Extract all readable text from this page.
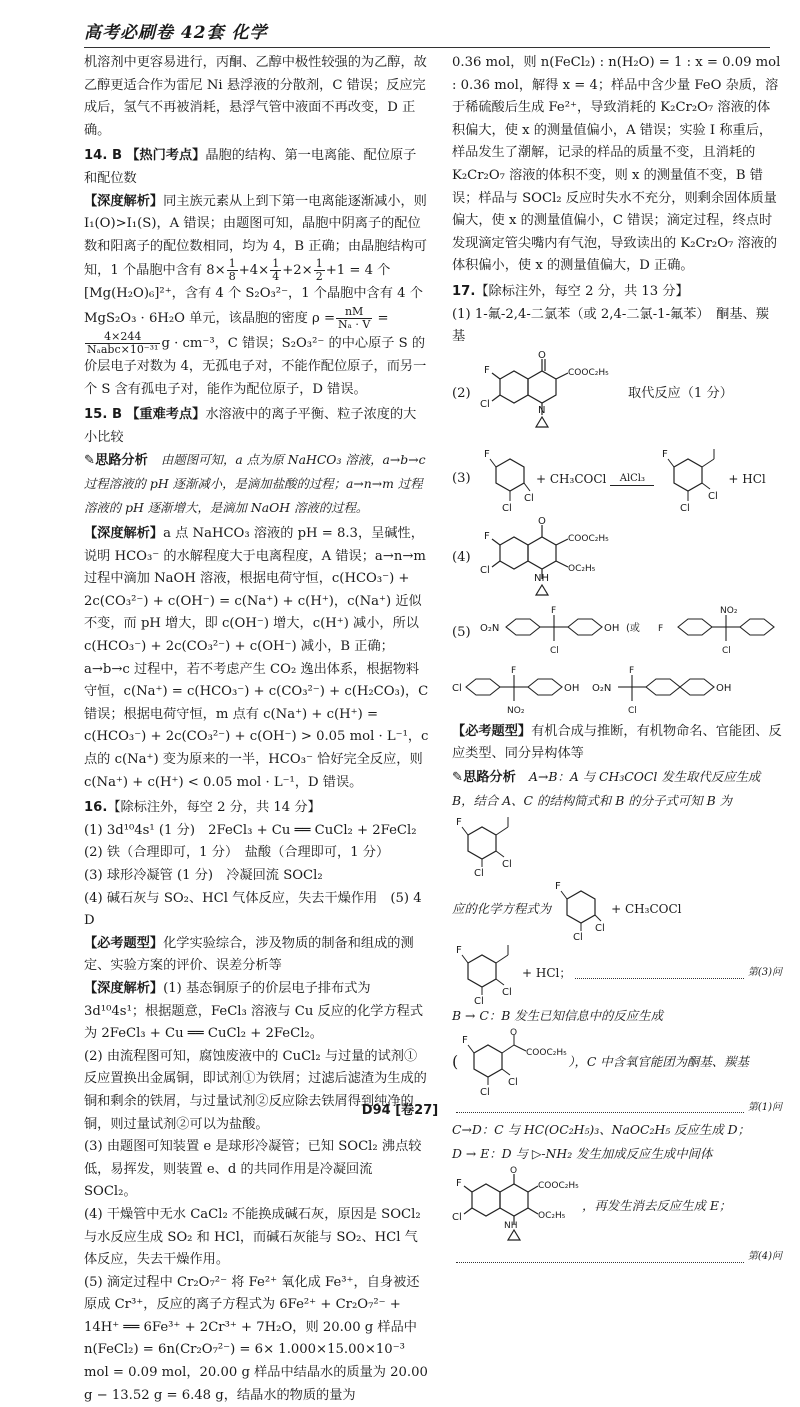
高考必刷卷 42套 化学

机溶剂中更容易进行，丙酮、乙醇中极性较强的为乙醇，故乙醇更适合作为雷尼 Ni 悬浮液的分散剂，C 错误；反应完成后，氢气不再被消耗，悬浮气管中液面不再改变，D 正确。

14. B 【热门考点】晶胞的结构、第一电离能、配位原子和配位数

【深度解析】同主族元素从上到下第一电离能逐渐减小，则 I₁(O)>I₁(S)，A 错误；由题图可知，晶胞中阴离子的配位数和阳离子的配位数相同，均为 4，B 正确；由晶胞结构可知，1 个晶胞中含有 $8\times \frac{1}{8} +4\times \frac{1}{4} +2\times \frac{1}{2} +1 = 4$ 个

[Mg(H₂O)₆]²⁺，含有 4 个 S₂O₃²⁻，1 个晶胞中含有 4 个

MgS₂O₃ · 6H₂O 单元，该晶胞的密度 $\rho = \frac{nM}{\text{Nₐ · V}}$ =

$\frac{4\times 244}{\text{Nₐabc×10⁻³¹}}$ g · cm⁻³，C 错误；S₂O₃²⁻ 的中心原子 S 的价层电子对数为 4，无孤电子对，不能作配位原子，而另一个 S 含有孤电子对，能作为配位原子，D 错误。

15. B 【重难考点】水溶液中的离子平衡、粒子浓度的大小比较

✎思路分析　 由题图可知，a 点为原 NaHCO₃ 溶液，a→b→c 过程溶液的 pH 逐渐减小，是滴加盐酸的过程；a→n→m 过程溶液的 pH 逐渐增大，是滴加 NaOH 溶液的过程。

【深度解析】a 点 NaHCO₃ 溶液的 pH = 8.3，呈碱性，说明 HCO₃⁻ 的水解程度大于电离程度，A 错误；a→n→m 过程中滴加 NaOH 溶液，根据电荷守恒，c(HCO₃⁻) + 2c(CO₃²⁻) + c(OH⁻) = c(Na⁺) + c(H⁺)，c(Na⁺) 近似不变，而 pH 增大，即 c(OH⁻) 增大，c(H⁺) 减小，所以 c(HCO₃⁻) + 2c(CO₃²⁻) + c(OH⁻) 减小，B 正确；a→b→c 过程中，若不考虑产生 CO₂ 逸出体系，根据物料守恒，c(Na⁺) = c(HCO₃⁻) + c(CO₃²⁻) + c(H₂CO₃)，C 错误；根据电荷守恒，m 点有 c(Na⁺) + c(H⁺) = c(HCO₃⁻) + 2c(CO₃²⁻) + c(OH⁻) > 0.05 mol · L⁻¹，c 点的 c(Na⁺) 变为原来的一半，HCO₃⁻ 恰好完全反应，则 c(Na⁺) + c(H⁺) < 0.05 mol · L⁻¹，D 错误。

16.【除标注外，每空 2 分，共 14 分】

(1) 3d¹⁰4s¹ (1 分)　2FeCl₃ + Cu ══ CuCl₂ + 2FeCl₂

(2) 铁（合理即可，1 分）　盐酸（合理即可，1 分）

(3) 球形冷凝管 (1 分)　冷凝回流 SOCl₂

(4) 碱石灰与 SO₂、HCl 气体反应，失去干燥作用　(5) 4　D

【必考题型】化学实验综合，涉及物质的制备和组成的测定、实验方案的评价、误差分析等

【深度解析】(1) 基态铜原子的价层电子排布式为 3d¹⁰4s¹；根据题意，FeCl₃ 溶液与 Cu 反应的化学方程式为 2FeCl₃ + Cu ══ CuCl₂ + 2FeCl₂。

(2) 由流程图可知，腐蚀废液中的 CuCl₂ 与过量的试剂①反应置换出金属铜，即试剂①为铁屑；过滤后滤渣为生成的铜和剩余的铁屑，与过量试剂②反应除去铁屑得到纯净的铜，则过量试剂②可以为盐酸。

(3) 由题图可知装置 e 是球形冷凝管；已知 SOCl₂ 沸点较低，易挥发，则装置 e、d 的共同作用是冷凝回流 SOCl₂。

(4) 干燥管中无水 CaCl₂ 不能换成碱石灰，原因是 SOCl₂ 与水反应生成 SO₂ 和 HCl，而碱石灰能与 SO₂、HCl 气体反应，失去干燥作用。

(5) 滴定过程中 Cr₂O₇²⁻ 将 Fe²⁺ 氧化成 Fe³⁺，自身被还原成 Cr³⁺，反应的离子方程式为 6Fe²⁺ + Cr₂O₇²⁻ + 14H⁺ ══ 6Fe³⁺ + 2Cr³⁺ + 7H₂O，则 20.00 g 样品中 n(FeCl₂) = 6n(Cr₂O₇²⁻) = 6× 1.000×15.00×10⁻³ mol = 0.09 mol，20.00 g 样品中结晶水的质量为 20.00 g − 13.52 g = 6.48 g，结晶水的物质的量为

0.36 mol，则 n(FeCl₂) : n(H₂O) = 1 : x = 0.09 mol : 0.36 mol，解得 x = 4；样品中含少量 FeO 杂质，溶于稀硫酸后生成 Fe²⁺，导致消耗的 K₂Cr₂O₇ 溶液的体积偏大，使 x 的测量值偏小，A 错误；实验 I 称重后，样品发生了潮解，记录的样品的质量不变，且消耗的 K₂Cr₂O₇ 溶液的体积不变，则 x 的测量值不变，B 错误；样品与 SOCl₂ 反应时失水不充分，则剩余固体质量偏大，使 x 的测量值偏小，C 错误；滴定过程，终点时发现滴定管尖嘴内有气泡，导致读出的 K₂Cr₂O₇ 溶液的体积偏小，使 x 的测量值偏大，D 正确。

17.【除标注外，每空 2 分，共 13 分】

(1) 1-氟-2,4-二氯苯（或 2,4-二氯-1-氟苯）　酮基、羰基

(2)
O
COOC₂H₅
F
Cl
N
取代反应（1 分）
(3)
F
Cl
Cl
+ CH₃COCl AlCl₃
F
Cl
Cl
+ HCl
(4)
O
COOC₂H₅
OC₂H₅
F
Cl
NH
(5) O₂N
F
Cl
OH (或 F
NO₂
Cl
Cl
F
NO₂
OH O₂N
F
Cl
OH

【必考题型】有机合成与推断，有机物命名、官能团、反应类型、同分异构体等

✎思路分析　 A→B：A 与 CH₃COCl 发生取代反应生成 B，结合 A、C 的结构简式和 B 的分子式可知 B 为

F
Cl
Cl
应的化学方程式为
F
Cl
Cl
+ CH₃COCl
F
Cl
Cl
+ HCl；	第(3)问

B → C：B 发生已知信息中的反应生成

(
O
COOC₂H₅
F
Cl
Cl
），C 中含氧官能团为酮基、羰基
第(1)问

C→D：C 与 HC(OC₂H₅)₃、NaOC₂H₅ 反应生成 D；

D → E：D 与 ▷-NH₂ 发生加成反应生成中间体

O
COOC₂H₅
OC₂H₅
F
Cl
NH
，再发生消去反应生成 E；
第(4)问
D94 [卷27]
